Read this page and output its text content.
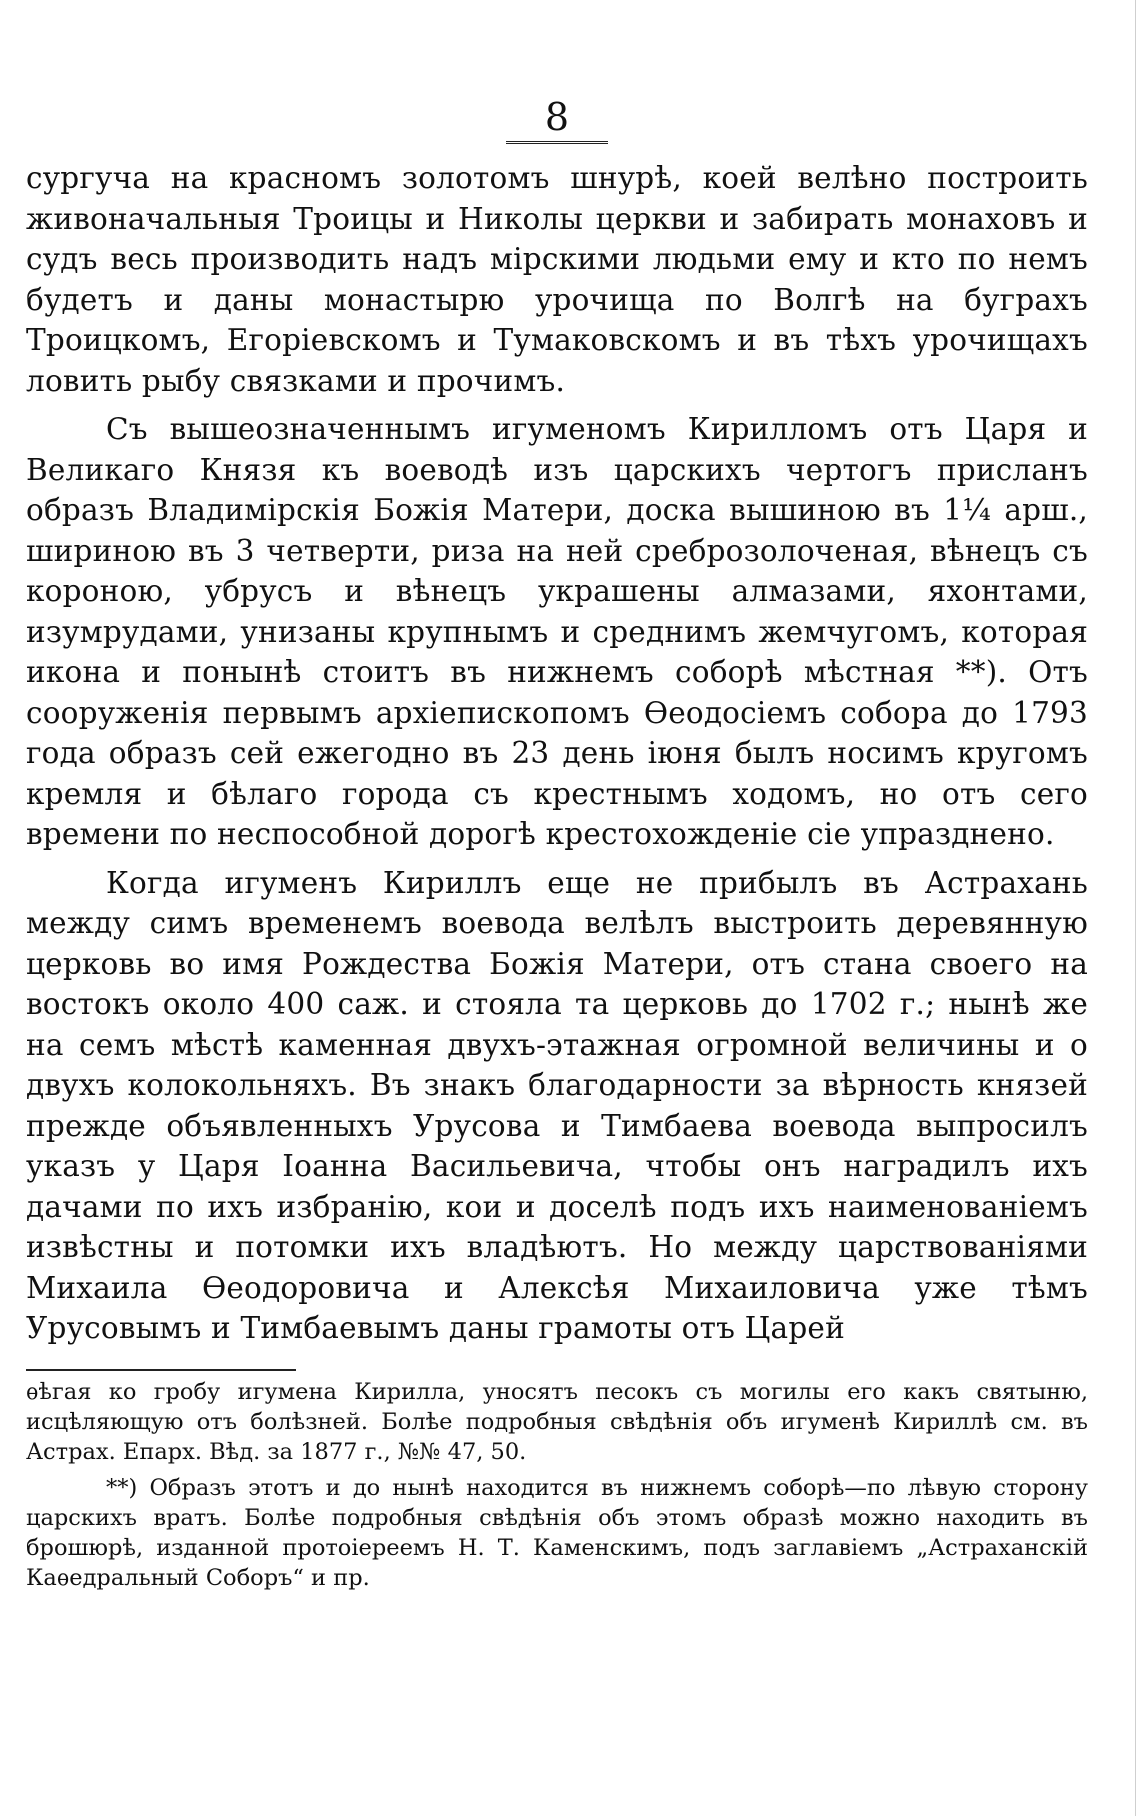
8

сургуча на красномъ золотомъ шнурѣ, коей велѣно построить живоначальныя Троицы и Николы церкви и забирать монаховъ и судъ весь производить надъ мірскими людьми ему и кто по немъ будетъ и даны монастырю урочища по Волгѣ на буграхъ Троицкомъ, Егоріевскомъ и Тумаковскомъ и въ тѣхъ урочищахъ ловить рыбу связками и прочимъ.

Съ вышеозначеннымъ игуменомъ Кирилломъ отъ Царя и Великаго Князя къ воеводѣ изъ царскихъ чертогъ присланъ образъ Владимірскія Божія Матери, доска вышиною въ 1¼ арш., шириною въ 3 четверти, риза на ней среброзолоченая, вѣнецъ съ короною, убрусъ и вѣнецъ украшены алмазами, яхонтами, изумрудами, унизаны крупнымъ и среднимъ жемчугомъ, которая икона и понынѣ стоитъ въ нижнемъ соборѣ мѣстная **). Отъ сооруженія первымъ архіепископомъ Ѳеодосіемъ собора до 1793 года образъ сей ежегодно въ 23 день іюня былъ носимъ кругомъ кремля и бѣлаго города съ крестнымъ ходомъ, но отъ сего времени по неспособной дорогѣ крестохожденіе сіе упразднено.

Когда игуменъ Кириллъ еще не прибылъ въ Астрахань между симъ временемъ воевода велѣлъ выстроить деревянную церковь во имя Рождества Божія Матери, отъ стана своего на востокъ около 400 саж. и стояла та церковь до 1702 г.; нынѣ же на семъ мѣстѣ каменная двухъ-этажная огромной величины и о двухъ колокольняхъ. Въ знакъ благодарности за вѣрность князей прежде объявленныхъ Урусова и Тимбаева воевода выпросилъ указъ у Царя Іоанна Васильевича, чтобы онъ наградилъ ихъ дачами по ихъ избранію, кои и доселѣ подъ ихъ наименованіемъ извѣстны и потомки ихъ владѣютъ. Но между царствованіями Михаила Ѳеодоровича и Алексѣя Михаиловича уже тѣмъ Урусовымъ и Тимбаевымъ даны грамоты отъ Царей

ѳѣгая ко гробу игумена Кирилла, уносятъ песокъ съ могилы его какъ святыню, исцѣляющую отъ болѣзней. Болѣе подробныя свѣдѣнія объ игуменѣ Кириллѣ см. въ Астрах. Епарх. Вѣд. за 1877 г., №№ 47, 50.

**) Образъ этотъ и до нынѣ находится въ нижнемъ соборѣ—по лѣвую сторону царскихъ вратъ. Болѣе подробныя свѣдѣнія объ этомъ образѣ можно находить въ брошюрѣ, изданной протоіереемъ Н. Т. Каменскимъ, подъ заглавіемъ „Астраханскій Каѳедральный Соборъ“ и пр.
